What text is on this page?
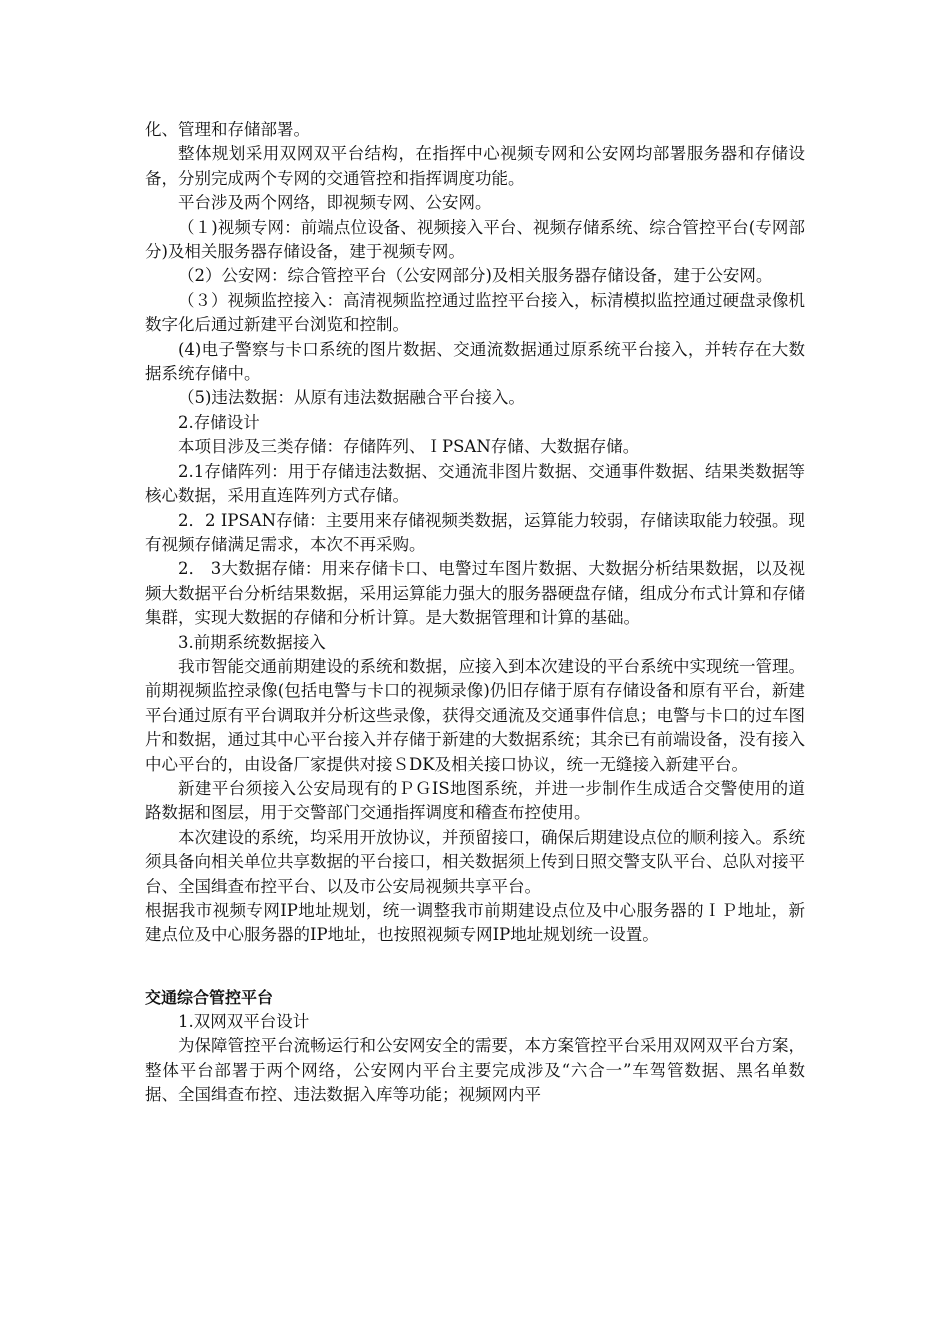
化、管理和存储部署。

整体规划采用双网双平台结构，在指挥中心视频专网和公安网均部署服务器和存储设备，分别完成两个专网的交通管控和指挥调度功能。

平台涉及两个网络，即视频专网、公安网。

（１)视频专网：前端点位设备、视频接入平台、视频存储系统、综合管控平台(专网部分)及相关服务器存储设备，建于视频专网。

（2）公安网：综合管控平台（公安网部分)及相关服务器存储设备，建于公安网。

（３）视频监控接入：高清视频监控通过监控平台接入，标清模拟监控通过硬盘录像机数字化后通过新建平台浏览和控制。

(4)电子警察与卡口系统的图片数据、交通流数据通过原系统平台接入，并转存在大数据系统存储中。

（5)违法数据：从原有违法数据融合平台接入。

2.存储设计

本项目涉及三类存储：存储阵列、ＩPSAN存储、大数据存储。

2.1存储阵列：用于存储违法数据、交通流非图片数据、交通事件数据、结果类数据等核心数据，采用直连阵列方式存储。

2．2 IPSAN存储：主要用来存储视频类数据，运算能力较弱，存储读取能力较强。现有视频存储满足需求，本次不再采购。

2． 3大数据存储：用来存储卡口、电警过车图片数据、大数据分析结果数据，以及视频大数据平台分析结果数据，采用运算能力强大的服务器硬盘存储，组成分布式计算和存储集群，实现大数据的存储和分析计算。是大数据管理和计算的基础。

3.前期系统数据接入

我市智能交通前期建设的系统和数据，应接入到本次建设的平台系统中实现统一管理。前期视频监控录像(包括电警与卡口的视频录像)仍旧存储于原有存储设备和原有平台，新建平台通过原有平台调取并分析这些录像，获得交通流及交通事件信息；电警与卡口的过车图片和数据，通过其中心平台接入并存储于新建的大数据系统；其余已有前端设备，没有接入中心平台的，由设备厂家提供对接ＳDK及相关接口协议，统一无缝接入新建平台。

新建平台须接入公安局现有的ＰＧIS地图系统，并进一步制作生成适合交警使用的道路数据和图层，用于交警部门交通指挥调度和稽查布控使用。

本次建设的系统，均采用开放协议，并预留接口，确保后期建设点位的顺利接入。系统须具备向相关单位共享数据的平台接口，相关数据须上传到日照交警支队平台、总队对接平台、全国缉查布控平台、以及市公安局视频共享平台。

根据我市视频专网IP地址规划，统一调整我市前期建设点位及中心服务器的ＩＰ地址，新建点位及中心服务器的IP地址，也按照视频专网IP地址规划统一设置。

交通综合管控平台

1.双网双平台设计

为保障管控平台流畅运行和公安网安全的需要，本方案管控平台采用双网双平台方案，整体平台部署于两个网络，公安网内平台主要完成涉及“六合一”车驾管数据、黑名单数据、全国缉查布控、违法数据入库等功能；视频网内平
